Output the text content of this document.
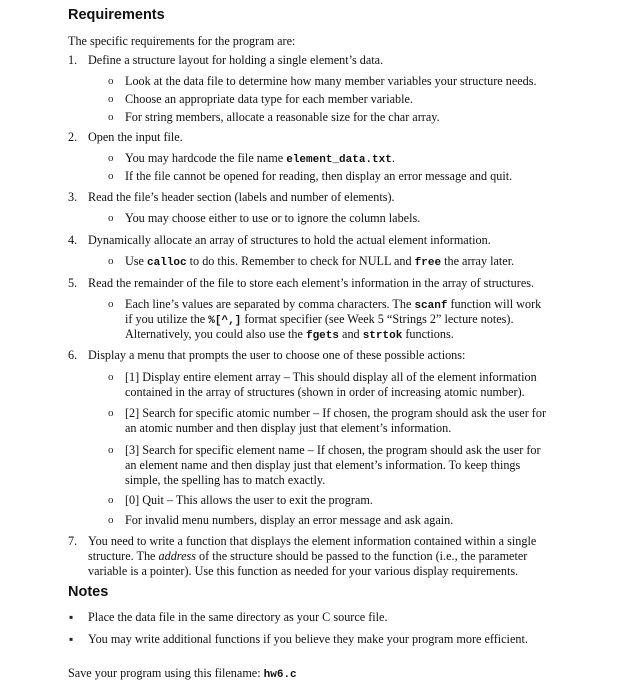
Requirements
The specific requirements for the program are:
1. Define a structure layout for holding a single element’s data.
o Look at the data file to determine how many member variables your structure needs.
o Choose an appropriate data type for each member variable.
o For string members, allocate a reasonable size for the char array.
2. Open the input file.
o You may hardcode the file name element_data.txt.
o If the file cannot be opened for reading, then display an error message and quit.
3. Read the file’s header section (labels and number of elements).
o You may choose either to use or to ignore the column labels.
4. Dynamically allocate an array of structures to hold the actual element information.
o Use calloc to do this. Remember to check for NULL and free the array later.
5. Read the remainder of the file to store each element’s information in the array of structures.
o Each line’s values are separated by comma characters. The scanf function will work
if you utilize the %[^,] format specifier (see Week 5 “Strings 2” lecture notes).
Alternatively, you could also use the fgets and strtok functions.
6. Display a menu that prompts the user to choose one of these possible actions:
o [1] Display entire element array – This should display all of the element information
contained in the array of structures (shown in order of increasing atomic number).
o [2] Search for specific atomic number – If chosen, the program should ask the user for
an atomic number and then display just that element’s information.
o [3] Search for specific element name – If chosen, the program should ask the user for
an element name and then display just that element’s information. To keep things
simple, the spelling has to match exactly.
o [0] Quit – This allows the user to exit the program.
o For invalid menu numbers, display an error message and ask again.
7. You need to write a function that displays the element information contained within a single
structure. The address of the structure should be passed to the function (i.e., the parameter
variable is a pointer). Use this function as needed for your various display requirements.
Notes
▪ Place the data file in the same directory as your C source file.
▪ You may write additional functions if you believe they make your program more efficient.
Save your program using this filename: hw6.c
